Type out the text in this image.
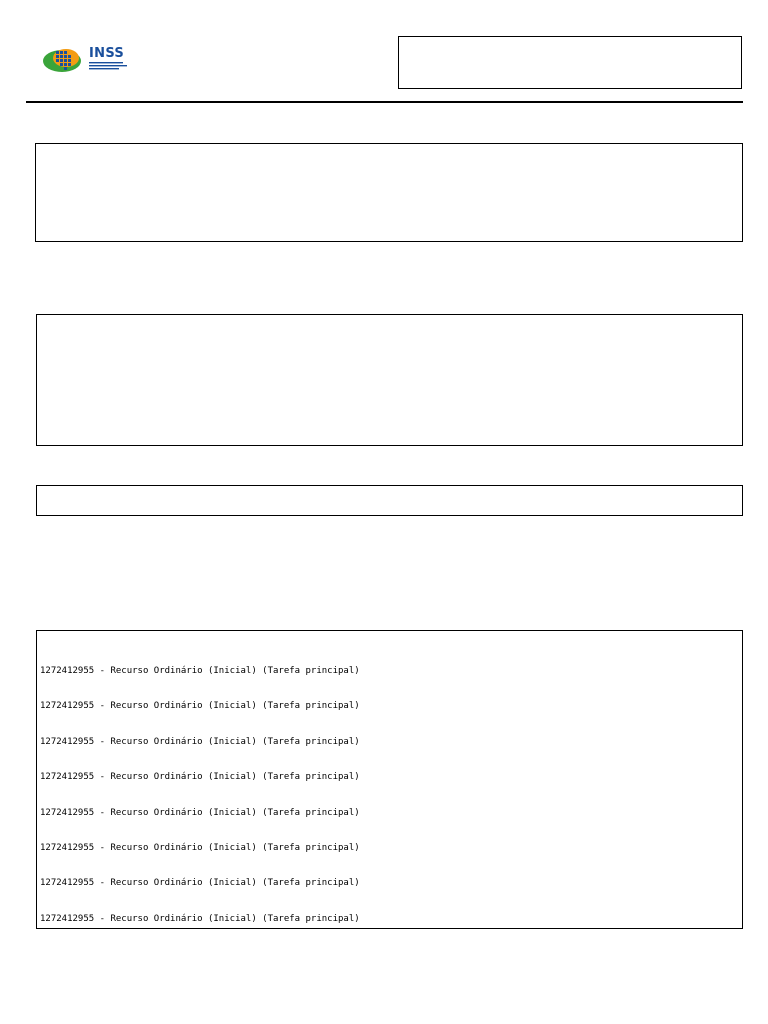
INSS
1272412955 - Recurso Ordinário (Inicial) (Tarefa principal)
1272412955 - Recurso Ordinário (Inicial) (Tarefa principal)
1272412955 - Recurso Ordinário (Inicial) (Tarefa principal)
1272412955 - Recurso Ordinário (Inicial) (Tarefa principal)
1272412955 - Recurso Ordinário (Inicial) (Tarefa principal)
1272412955 - Recurso Ordinário (Inicial) (Tarefa principal)
1272412955 - Recurso Ordinário (Inicial) (Tarefa principal)
1272412955 - Recurso Ordinário (Inicial) (Tarefa principal)
